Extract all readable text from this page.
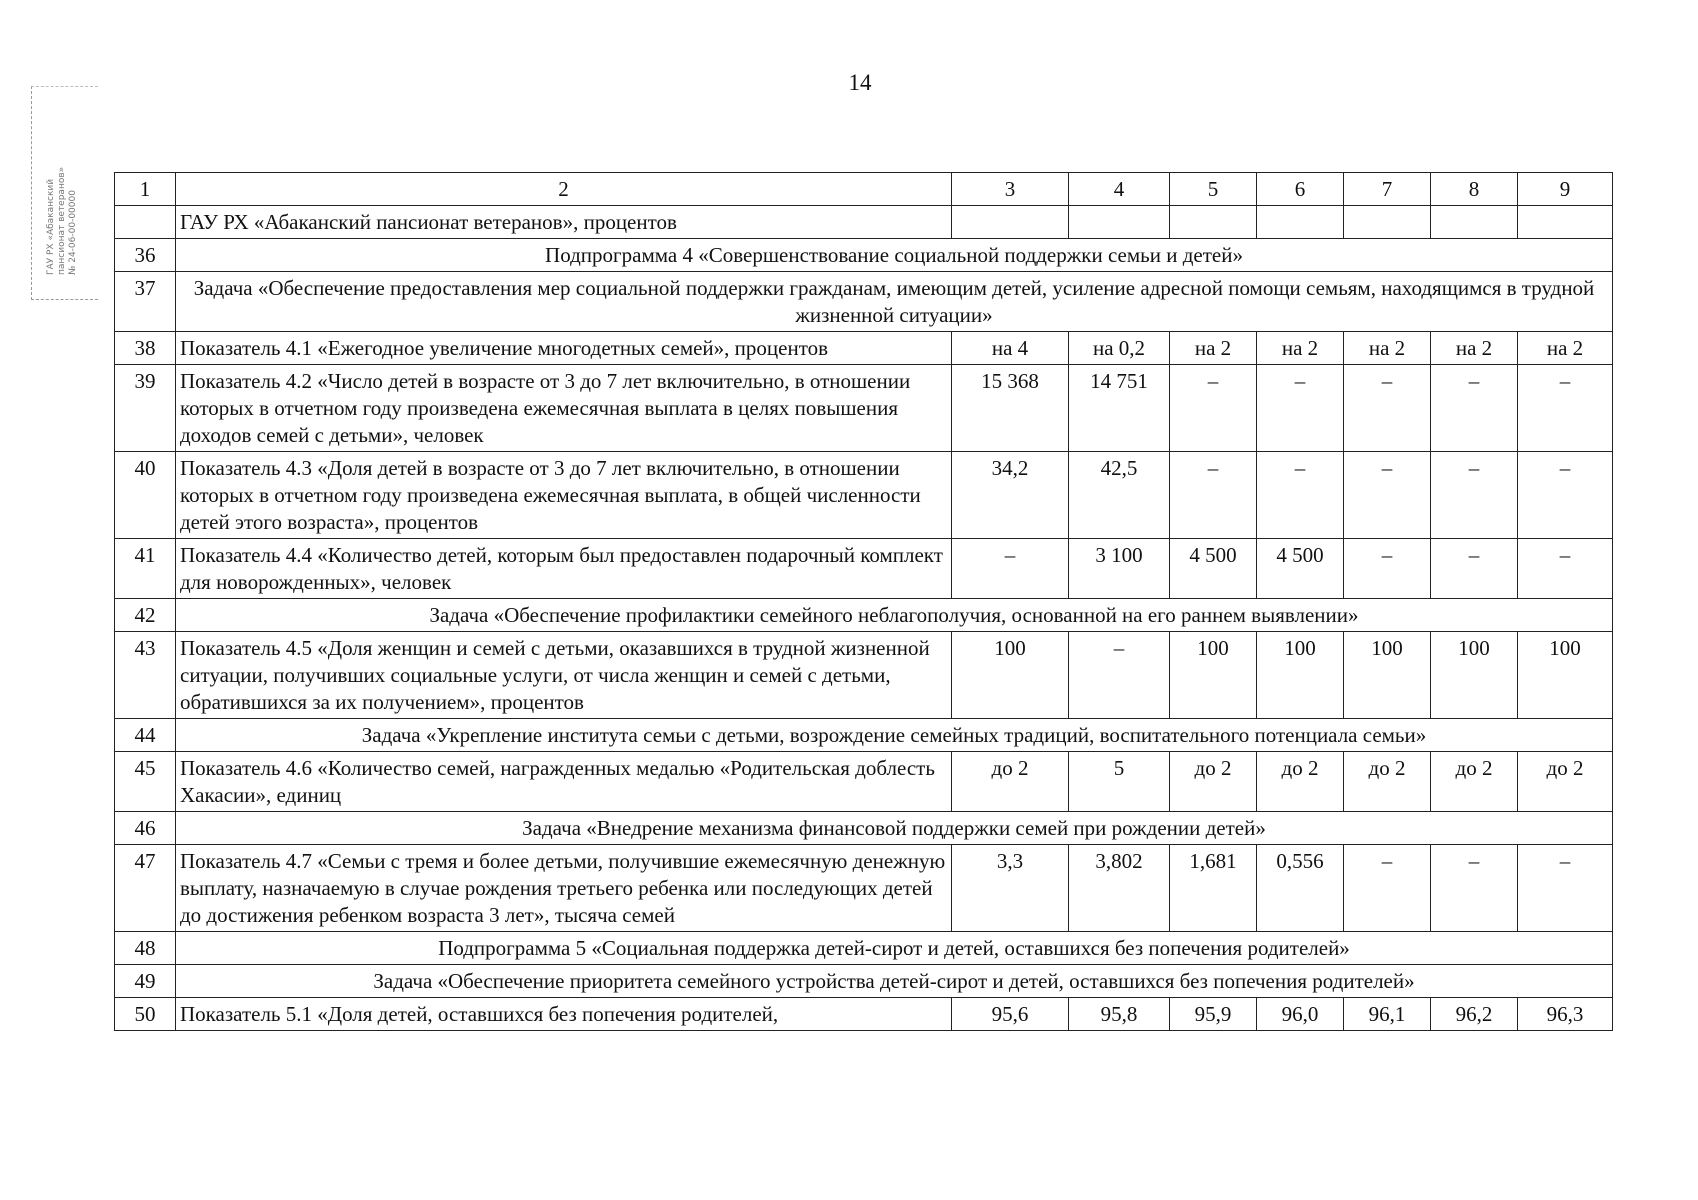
14
ГАУ РХ «Абаканский пансионат ветеранов» № 24-06-00-00000
1	2	3	4	5	6	7	8	9
	ГАУ РХ «Абаканский пансионат ветеранов», процентов							
36	Подпрограмма 4 «Совершенствование социальной поддержки семьи и детей»							
37	Задача «Обеспечение предоставления мер социальной поддержки гражданам, имеющим детей, усиление адресной помощи семьям, находящимся в трудной жизненной ситуации»							
38	Показатель 4.1 «Ежегодное увеличение многодетных семей», процентов	на 4	на 0,2	на 2	на 2	на 2	на 2	на 2
39	Показатель 4.2 «Число детей в возрасте от 3 до 7 лет включительно, в отношении которых в отчетном году произведена ежемесячная выплата в целях повышения доходов семей с детьми», человек	15 368	14 751	–	–	–	–	–
40	Показатель 4.3 «Доля детей в возрасте от 3 до 7 лет включительно, в отношении которых в отчетном году произведена ежемесячная выплата, в общей численности детей этого возраста», процентов	34,2	42,5	–	–	–	–	–
41	Показатель 4.4 «Количество детей, которым был предоставлен подарочный комплект для новорожденных», человек	–	3 100	4 500	4 500	–	–	–
42	Задача «Обеспечение профилактики семейного неблагополучия, основанной на его раннем выявлении»							
43	Показатель 4.5 «Доля женщин и семей с детьми, оказавшихся в трудной жизненной ситуации, получивших социальные услуги, от числа женщин и семей с детьми, обратившихся за их получением», процентов	100	–	100	100	100	100	100
44	Задача «Укрепление института семьи с детьми, возрождение семейных традиций, воспитательного потенциала семьи»							
45	Показатель 4.6 «Количество семей, награжденных медалью «Родительская доблесть Хакасии», единиц	до 2	5	до 2	до 2	до 2	до 2	до 2
46	Задача «Внедрение механизма финансовой поддержки семей при рождении детей»							
47	Показатель 4.7 «Семьи с тремя и более детьми, получившие ежемесячную денежную выплату, назначаемую в случае рождения третьего ребенка или последующих детей до достижения ребенком возраста 3 лет», тысяча семей	3,3	3,802	1,681	0,556	–	–	–
48	Подпрограмма 5 «Социальная поддержка детей-сирот и детей, оставшихся без попечения родителей»							
49	Задача «Обеспечение приоритета семейного устройства детей-сирот и детей, оставшихся без попечения родителей»							
50	Показатель 5.1 «Доля детей, оставшихся без попечения родителей,	95,6	95,8	95,9	96,0	96,1	96,2	96,3
